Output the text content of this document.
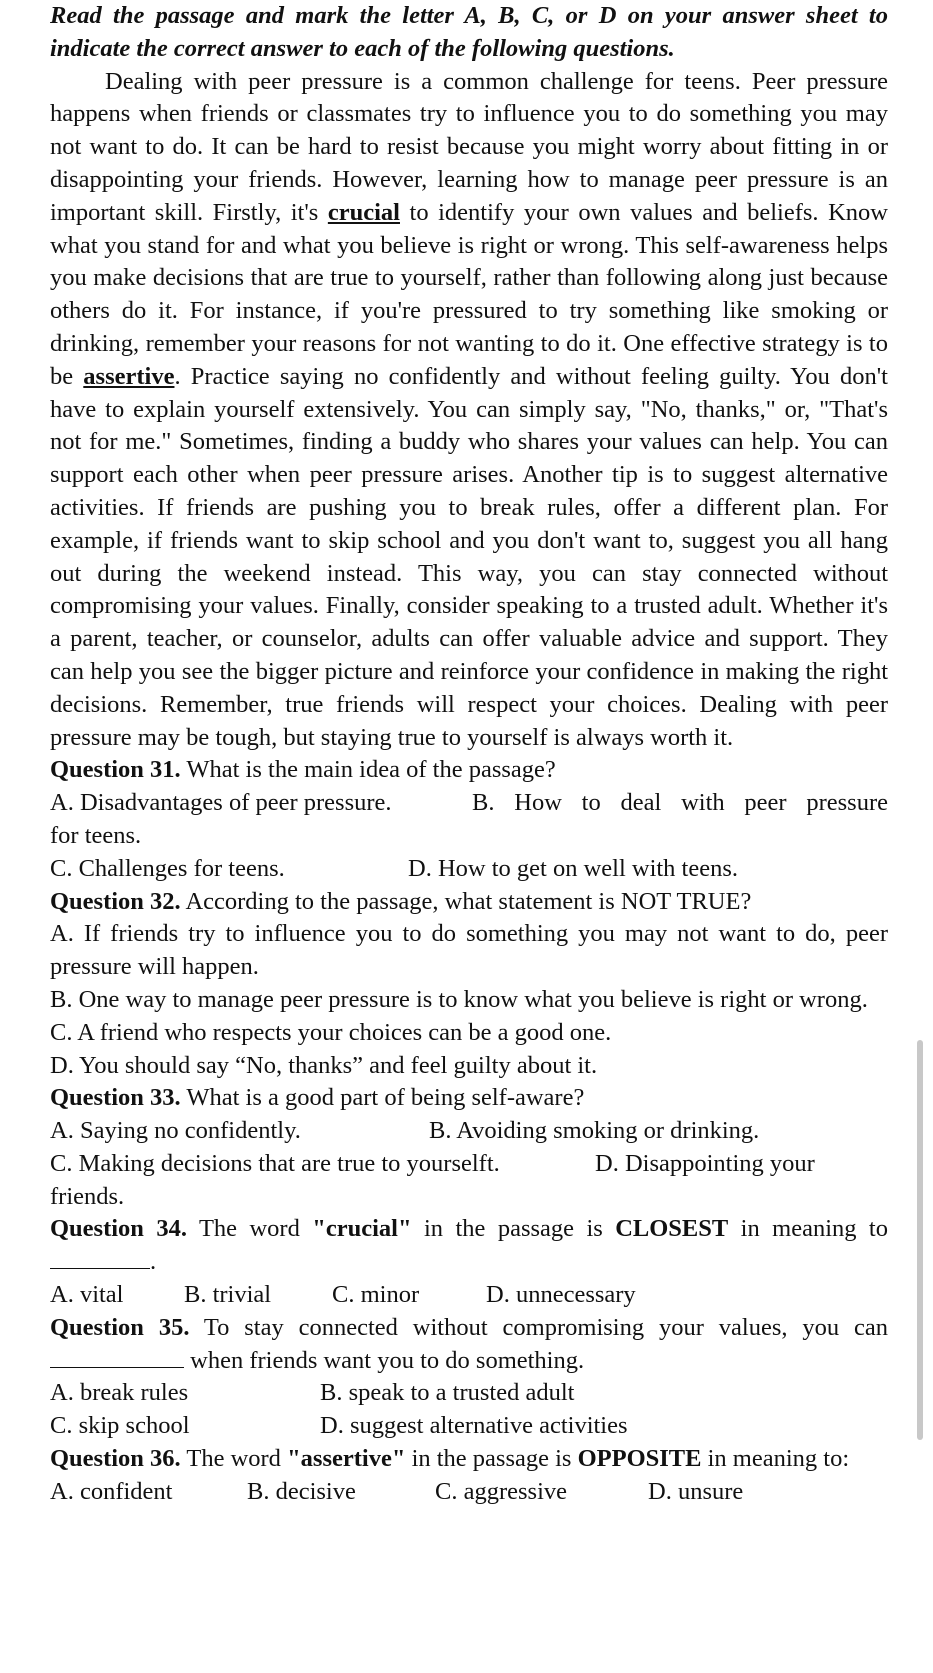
Read the passage and mark the letter A, B, C, or D on your answer sheet to indicate the correct answer to each of the following questions.

Dealing with peer pressure is a common challenge for teens. Peer pressure happens when friends or classmates try to influence you to do something you may not want to do. It can be hard to resist because you might worry about fitting in or disappointing your friends. However, learning how to manage peer pressure is an important skill. Firstly, it's crucial to identify your own values and beliefs. Know what you stand for and what you believe is right or wrong. This self-awareness helps you make decisions that are true to yourself, rather than following along just because others do it. For instance, if you're pressured to try something like smoking or drinking, remember your reasons for not wanting to do it. One effective strategy is to be assertive. Practice saying no confidently and without feeling guilty. You don't have to explain yourself extensively. You can simply say, "No, thanks," or, "That's not for me." Sometimes, finding a buddy who shares your values can help. You can support each other when peer pressure arises. Another tip is to suggest alternative activities. If friends are pushing you to break rules, offer a different plan. For example, if friends want to skip school and you don't want to, suggest you all hang out during the weekend instead. This way, you can stay connected without compromising your values. Finally, consider speaking to a trusted adult. Whether it's a parent, teacher, or counselor, adults can offer valuable advice and support. They can help you see the bigger picture and reinforce your confidence in making the right decisions. Remember, true friends will respect your choices. Dealing with peer pressure may be tough, but staying true to yourself is always worth it.

Question 31. What is the main idea of the passage?
A. Disadvantages of peer pressure.	B. How to deal with peer pressure
for teens.
C. Challenges for teens.	D. How to get on well with teens.
Question 32. According to the passage, what statement is NOT TRUE?
A. If friends try to influence you to do something you may not want to do, peer pressure will happen.
B. One way to manage peer pressure is to know what you believe is right or wrong.
C. A friend who respects your choices can be a good one.
D. You should say “No, thanks” and feel guilty about it.
Question 33. What is a good part of being self-aware?
A. Saying no confidently.	B. Avoiding smoking or drinking.
C. Making decisions that are true to yourselft.	D. Disappointing your
friends.
Question 34. The word "crucial" in the passage is CLOSEST in meaning to .
A. vital	B. trivial	C. minor	D. unnecessary
Question 35. To stay connected without compromising your values, you can  when friends want you to do something.
A. break rules	B. speak to a trusted adult
C. skip school	D. suggest alternative activities
Question 36. The word "assertive" in the passage is OPPOSITE in meaning to:
A. confident	B. decisive	C. aggressive	D. unsure
